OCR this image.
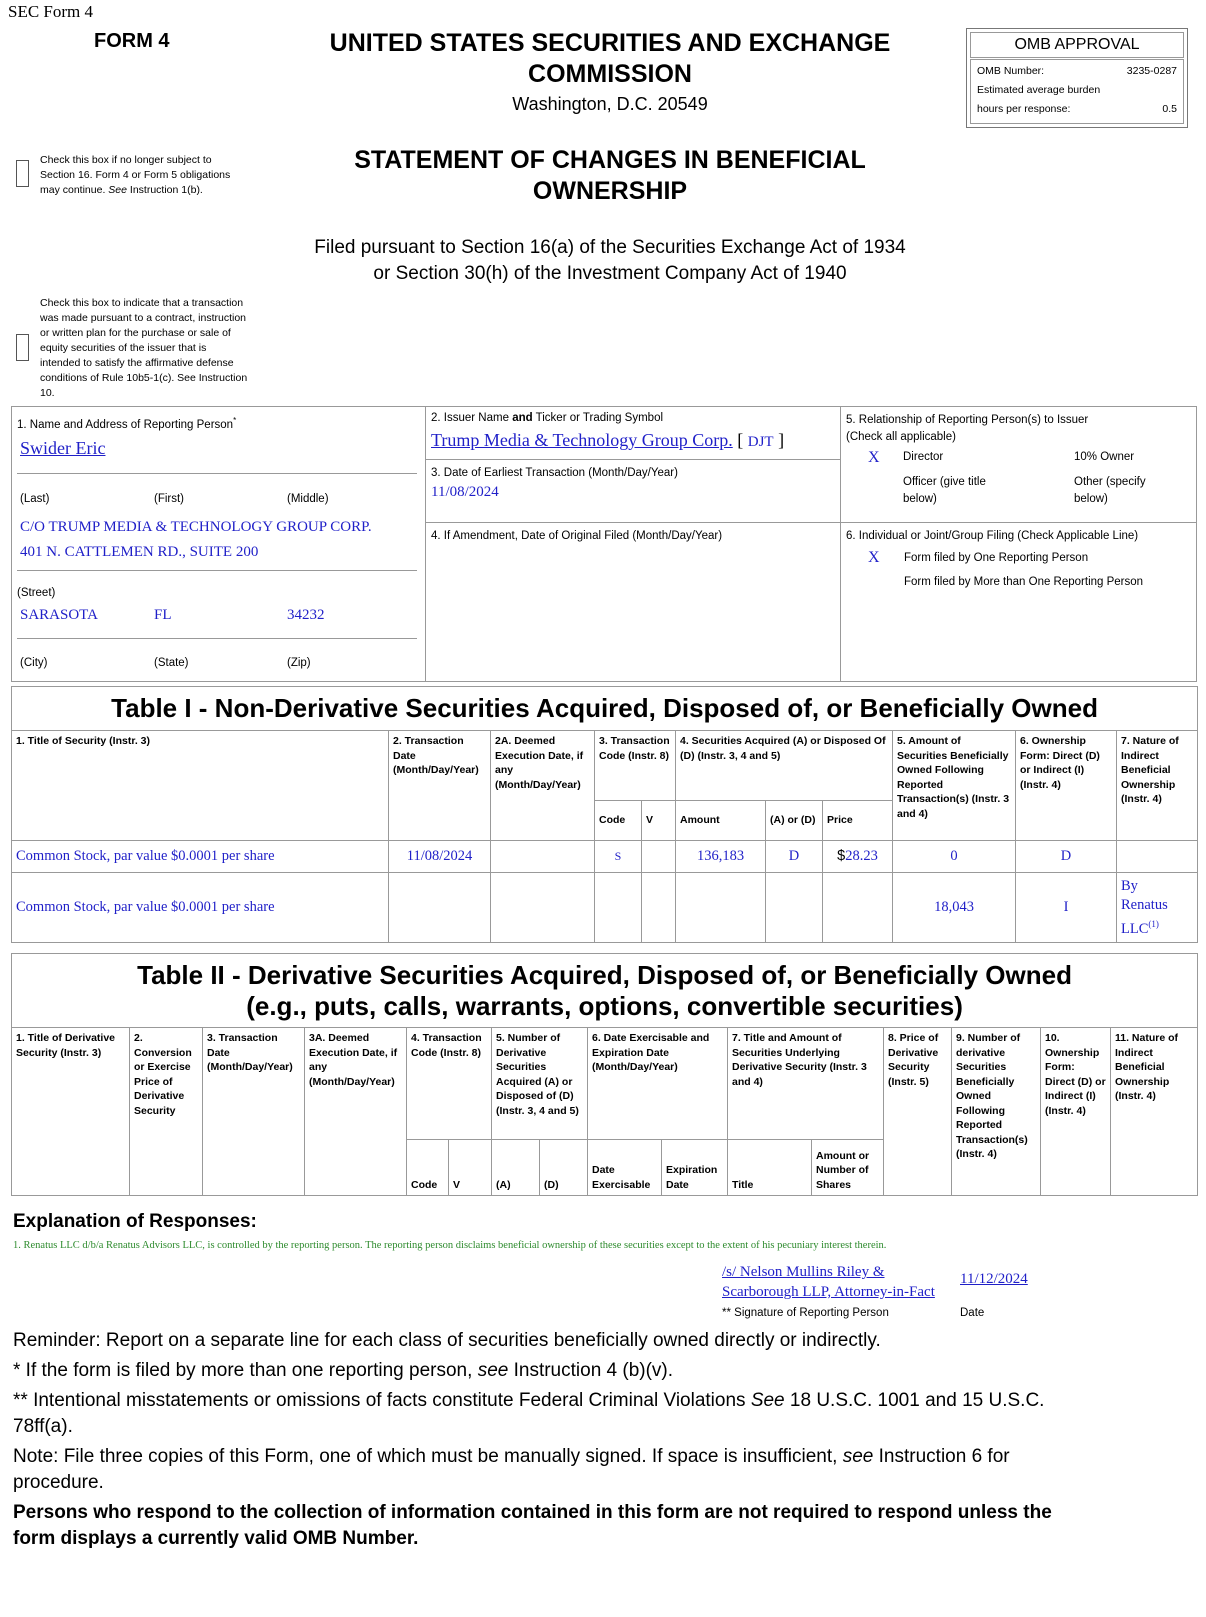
SEC Form 4
FORM 4	UNITED STATES SECURITIES AND EXCHANGE
COMMISSION
Washington, D.C. 20549
OMB APPROVAL
OMB Number:	3235-0287
Estimated average burden
hours per response:	0.5
Check this box if no longer subject to
Section 16. Form 4 or Form 5 obligations
may continue. See Instruction 1(b).
STATEMENT OF CHANGES IN BENEFICIAL
OWNERSHIP
Filed pursuant to Section 16(a) of the Securities Exchange Act of 1934
or Section 30(h) of the Investment Company Act of 1940
Check this box to indicate that a transaction
was made pursuant to a contract, instruction
or written plan for the purchase or sale of
equity securities of the issuer that is
intended to satisfy the affirmative defense
conditions of Rule 10b5-1(c). See Instruction
10.
1. Name and Address of Reporting Person*
Swider Eric
(Last)	(First)	(Middle)
C/O TRUMP MEDIA & TECHNOLOGY GROUP CORP.
401 N. CATTLEMEN RD., SUITE 200
(Street)
SARASOTA	FL	34232
(City)	(State)	(Zip)
2. Issuer Name and Ticker or Trading Symbol
Trump Media & Technology Group Corp. [ DJT ]
3. Date of Earliest Transaction (Month/Day/Year)
11/08/2024
4. If Amendment, Date of Original Filed (Month/Day/Year)
5. Relationship of Reporting Person(s) to Issuer
(Check all applicable)
X Director	10% Owner
Officer (give title
below)
Other (specify
below)
6. Individual or Joint/Group Filing (Check Applicable Line)
X Form filed by One Reporting Person
Form filed by More than One Reporting Person
Table I - Non-Derivative Securities Acquired, Disposed of, or Beneficially Owned										
1. Title of Security (Instr. 3)	2. Transaction Date (Month/Day/Year)	2A. Deemed Execution Date, if any (Month/Day/Year)	3. Transaction Code (Instr. 8)		4. Securities Acquired (A) or Disposed Of (D) (Instr. 3, 4 and 5)			5. Amount of Securities Beneficially Owned Following Reported Transaction(s) (Instr. 3 and 4)	6. Ownership Form: Direct (D) or Indirect (I) (Instr. 4)	7. Nature of Indirect Beneficial Ownership (Instr. 4)
			Code	V	Amount	(A) or (D)	Price			
Common Stock, par value $0.0001 per share	11/08/2024		S		136,183	D	$28.23	0	D	
Common Stock, par value $0.0001 per share								18,043	I	By
Renatus
LLC$^{(1)}$
Table II - Derivative Securities Acquired, Disposed of, or Beneficially Owned
(e.g., puts, calls, warrants, options, convertible securities)															

1. Title of Derivative Security (Instr. 3)	2. Conversion or Exercise Price of Derivative Security	3. Transaction Date (Month/Day/Year)	3A. Deemed Execution Date, if any (Month/Day/Year)	4. Transaction Code (Instr. 8)		5. Number of Derivative Securities Acquired (A) or Disposed of (D) (Instr. 3, 4 and 5)		6. Date Exercisable and Expiration Date (Month/Day/Year)		7. Title and Amount of Securities Underlying Derivative Security (Instr. 3 and 4)		8. Price of Derivative Security (Instr. 5)	9. Number of derivative Securities Beneficially Owned Following Reported Transaction(s) (Instr. 4)	10. Ownership Form: Direct (D) or Indirect (I) (Instr. 4)	11. Nature of Indirect Beneficial Ownership (Instr. 4)
				Code	V	(A)	(D)	Date Exercisable	Expiration Date	Title	Amount or Number of Shares				
Explanation of Responses:
1. Renatus LLC d/b/a Renatus Advisors LLC, is controlled by the reporting person. The reporting person disclaims beneficial ownership of these securities except to the extent of his pecuniary interest therein.
/s/ Nelson Mullins Riley &
Scarborough LLP, Attorney-in-Fact
11/12/2024
** Signature of Reporting Person	Date
Reminder: Report on a separate line for each class of securities beneficially owned directly or indirectly.
* If the form is filed by more than one reporting person, see Instruction 4 (b)(v).
** Intentional misstatements or omissions of facts constitute Federal Criminal Violations See 18 U.S.C. 1001 and 15 U.S.C.
78ff(a).
Note: File three copies of this Form, one of which must be manually signed. If space is insufficient, see Instruction 6 for
procedure.
Persons who respond to the collection of information contained in this form are not required to respond unless the
form displays a currently valid OMB Number.
